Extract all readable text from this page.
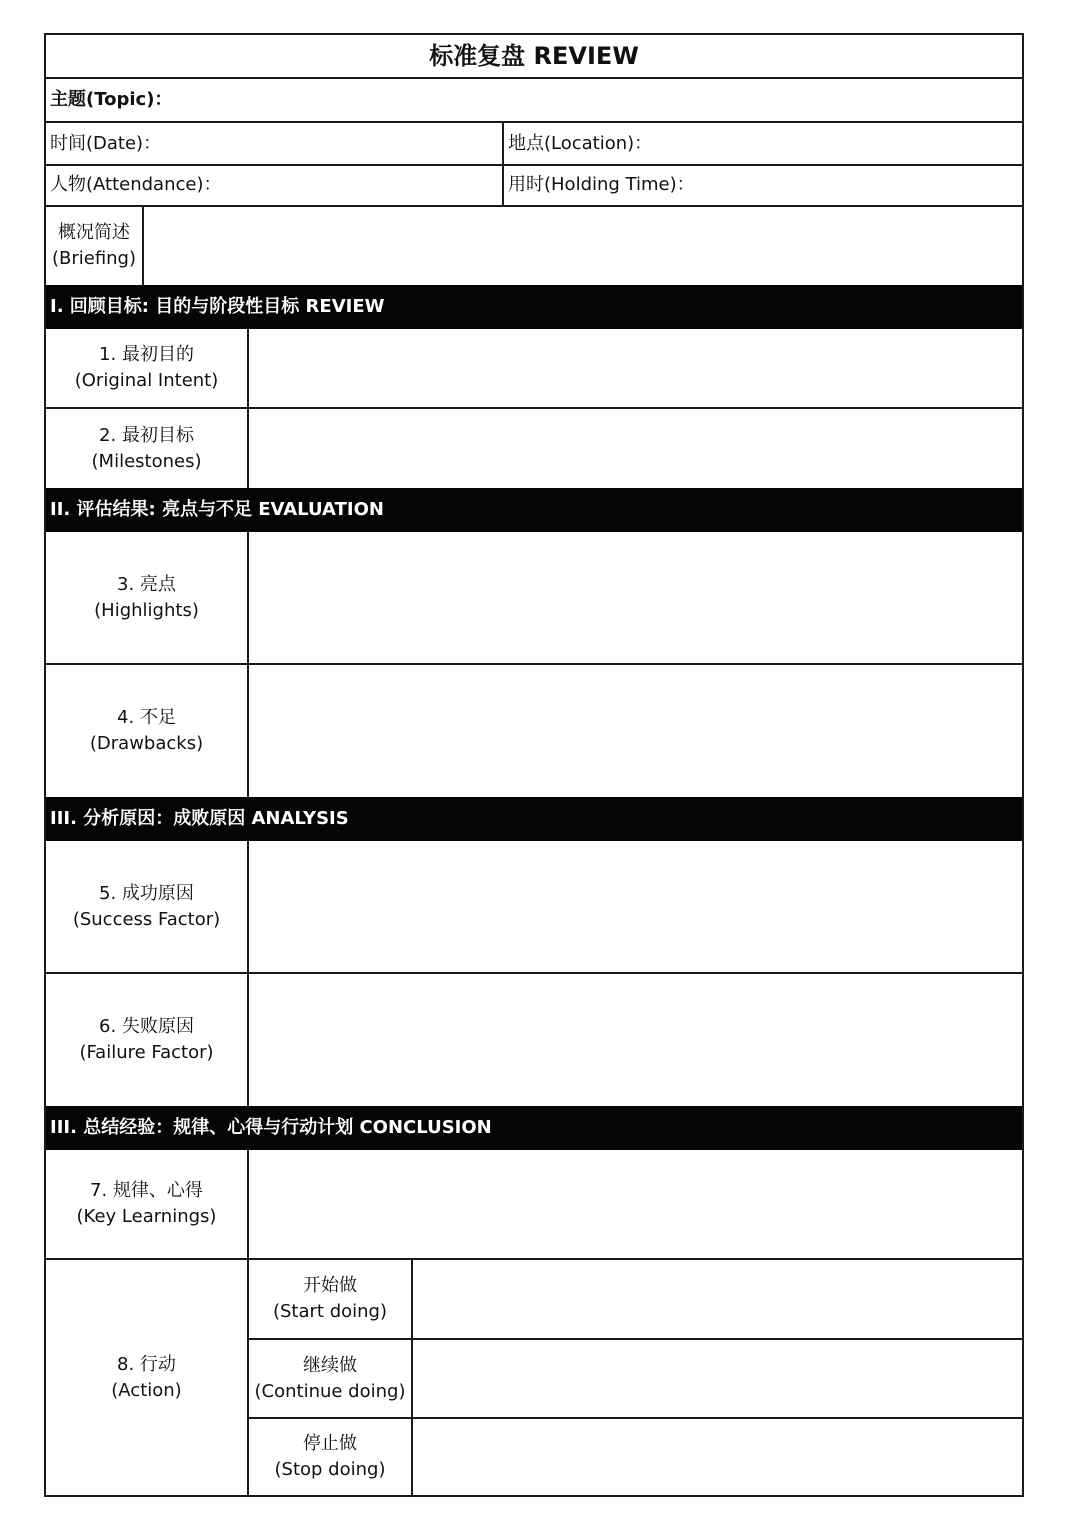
标准复盘 REVIEW
主题(Topic)：
时间(Date)：	地点(Location)：
人物(Attendance)：	用时(Holding Time)：
概况简述
(Briefing)
I. 回顾目标: 目的与阶段性目标 REVIEW
1. 最初目的
(Original Intent)
2. 最初目标
(Milestones)
II. 评估结果: 亮点与不足 EVALUATION
3. 亮点
(Highlights)
4. 不足
(Drawbacks)
III. 分析原因：成败原因 ANALYSIS
5. 成功原因
(Success Factor)
6. 失败原因
(Failure Factor)
III. 总结经验：规律、心得与行动计划 CONCLUSION
7. 规律、心得
(Key Learnings)
8. 行动
(Action)
开始做
(Start doing)
继续做
(Continue doing)
停止做
(Stop doing)
